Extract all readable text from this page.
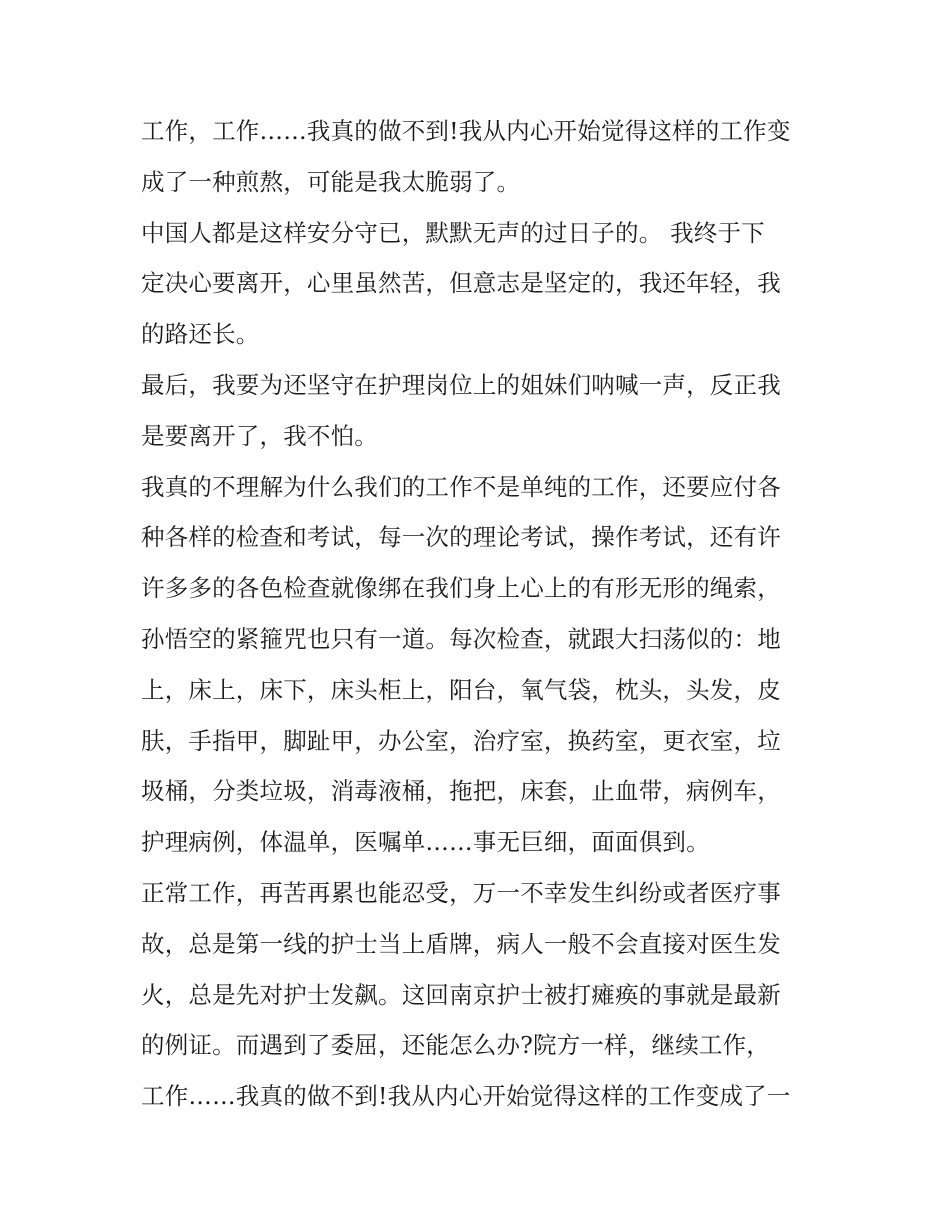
工作，工作……我真的做不到!我从内心开始觉得这样的工作变
成了一种煎熬，可能是我太脆弱了。

中国人都是这样安分守已，默默无声的过日子的。 我终于下
定决心要离开，心里虽然苦，但意志是坚定的，我还年轻，我
的路还长。

最后，我要为还坚守在护理岗位上的姐妹们呐喊一声，反正我
是要离开了，我不怕。

我真的不理解为什么我们的工作不是单纯的工作，还要应付各
种各样的检查和考试，每一次的理论考试，操作考试，还有许
许多多的各色检查就像绑在我们身上心上的有形无形的绳索，
孙悟空的紧箍咒也只有一道。每次检查，就跟大扫荡似的：地
上，床上，床下，床头柜上，阳台，氧气袋，枕头，头发，皮
肤，手指甲，脚趾甲，办公室，治疗室，换药室，更衣室，垃
圾桶，分类垃圾，消毒液桶，拖把，床套，止血带，病例车，
护理病例，体温单，医嘱单……事无巨细，面面俱到。

正常工作，再苦再累也能忍受，万一不幸发生纠纷或者医疗事
故，总是第一线的护士当上盾牌，病人一般不会直接对医生发
火，总是先对护士发飙。这回南京护士被打瘫痪的事就是最新
的例证。而遇到了委屈，还能怎么办?院方一样，继续工作，
工作……我真的做不到!我从内心开始觉得这样的工作变成了一
